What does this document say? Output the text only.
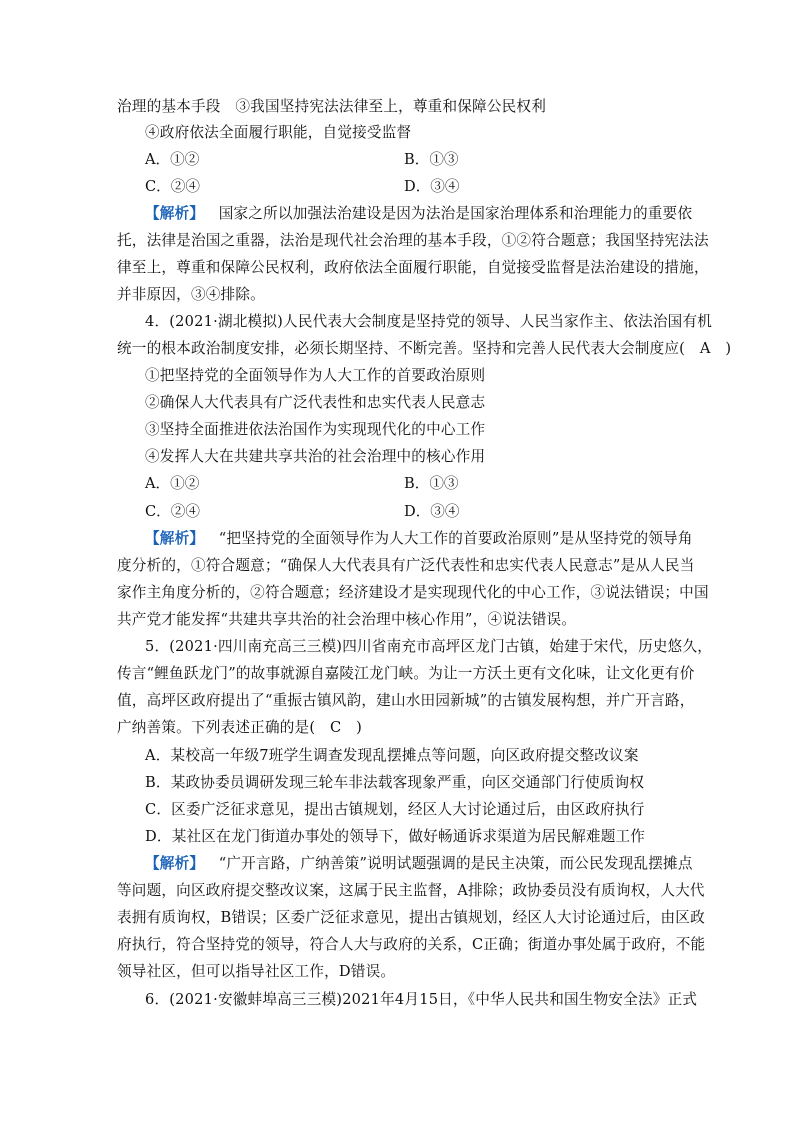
治理的基本手段　③我国坚持宪法法律至上，尊重和保障公民权利
④政府依法全面履行职能，自觉接受监督
A．①②	B．①③
C．②④	D．③④
【解析】 国家之所以加强法治建设是因为法治是国家治理体系和治理能力的重要依
托，法律是治国之重器，法治是现代社会治理的基本手段，①②符合题意；我国坚持宪法法
律至上，尊重和保障公民权利，政府依法全面履行职能，自觉接受监督是法治建设的措施，
并非原因，③④排除。
4．(2021·湖北模拟)人民代表大会制度是坚持党的领导、人民当家作主、依法治国有机
统一的根本政治制度安排，必须长期坚持、不断完善。坚持和完善人民代表大会制度应(　A　)
①把坚持党的全面领导作为人大工作的首要政治原则
②确保人大代表具有广泛代表性和忠实代表人民意志
③坚持全面推进依法治国作为实现现代化的中心工作
④发挥人大在共建共享共治的社会治理中的核心作用
A．①②	B．①③
C．②④	D．③④
【解析】 “把坚持党的全面领导作为人大工作的首要政治原则”是从坚持党的领导角
度分析的，①符合题意；“确保人大代表具有广泛代表性和忠实代表人民意志”是从人民当
家作主角度分析的，②符合题意；经济建设才是实现现代化的中心工作，③说法错误；中国
共产党才能发挥“共建共享共治的社会治理中核心作用”，④说法错误。
5．(2021·四川南充高三三模)四川省南充市高坪区龙门古镇，始建于宋代，历史悠久，
传言“鲤鱼跃龙门”的故事就源自嘉陵江龙门峡。为让一方沃土更有文化味，让文化更有价
值，高坪区政府提出了“重振古镇风韵，建山水田园新城”的古镇发展构想，并广开言路，
广纳善策。下列表述正确的是(　C　)
A．某校高一年级7班学生调查发现乱摆摊点等问题，向区政府提交整改议案
B．某政协委员调研发现三轮车非法载客现象严重，向区交通部门行使质询权
C．区委广泛征求意见，提出古镇规划，经区人大讨论通过后，由区政府执行
D．某社区在龙门街道办事处的领导下，做好畅通诉求渠道为居民解难题工作
【解析】 “广开言路，广纳善策”说明试题强调的是民主决策，而公民发现乱摆摊点
等问题，向区政府提交整改议案，这属于民主监督，A排除；政协委员没有质询权，人大代
表拥有质询权，B错误；区委广泛征求意见，提出古镇规划，经区人大讨论通过后，由区政
府执行，符合坚持党的领导，符合人大与政府的关系，C正确；街道办事处属于政府，不能
领导社区，但可以指导社区工作，D错误。
6．(2021·安徽蚌埠高三三模)2021年4月15日，《中华人民共和国生物安全法》正式
